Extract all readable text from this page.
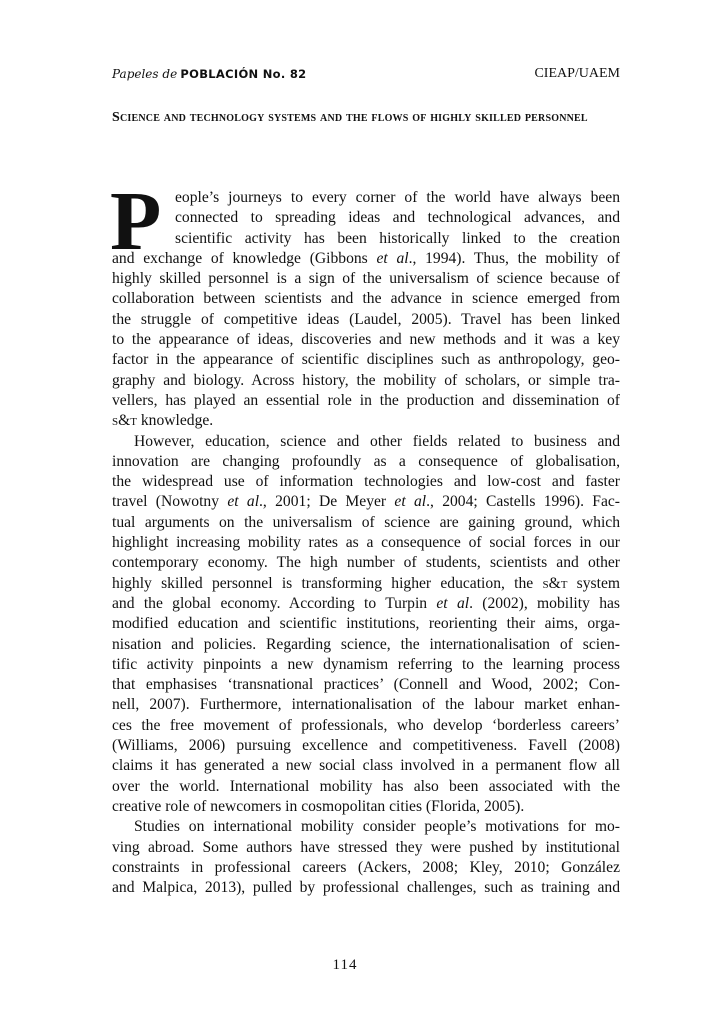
Papeles de POBLACIÓN No. 82	CIEAP/UAEM
Science and technology systems and the flows of highly skilled personnel
P eople’s journeys to every corner of the world have always been
connected to spreading ideas and technological advances, and
scientific activity has been historically linked to the creation
and exchange of knowledge (Gibbons et al., 1994). Thus, the mobility of
highly skilled personnel is a sign of the universalism of science because of
collaboration between scientists and the advance in science emerged from
the struggle of competitive ideas (Laudel, 2005). Travel has been linked
to the appearance of ideas, discoveries and new methods and it was a key
factor in the appearance of scientific disciplines such as anthropology, geo-
graphy and biology. Across history, the mobility of scholars, or simple tra-
vellers, has played an essential role in the production and dissemination of
s&t knowledge.
However, education, science and other fields related to business and
innovation are changing profoundly as a consequence of globalisation,
the widespread use of information technologies and low-cost and faster
travel (Nowotny et al., 2001; De Meyer et al., 2004; Castells 1996). Fac-
tual arguments on the universalism of science are gaining ground, which
highlight increasing mobility rates as a consequence of social forces in our
contemporary economy. The high number of students, scientists and other
highly skilled personnel is transforming higher education, the s&t system
and the global economy. According to Turpin et al. (2002), mobility has
modified education and scientific institutions, reorienting their aims, orga-
nisation and policies. Regarding science, the internationalisation of scien-
tific activity pinpoints a new dynamism referring to the learning process
that emphasises ‘transnational practices’ (Connell and Wood, 2002; Con-
nell, 2007). Furthermore, internationalisation of the labour market enhan-
ces the free movement of professionals, who develop ‘borderless careers’
(Williams, 2006) pursuing excellence and competitiveness. Favell (2008)
claims it has generated a new social class involved in a permanent flow all
over the world. International mobility has also been associated with the
creative role of newcomers in cosmopolitan cities (Florida, 2005).
Studies on international mobility consider people’s motivations for mo-
ving abroad. Some authors have stressed they were pushed by institutional
constraints in professional careers (Ackers, 2008; Kley, 2010; González
and Malpica, 2013), pulled by professional challenges, such as training and
114
